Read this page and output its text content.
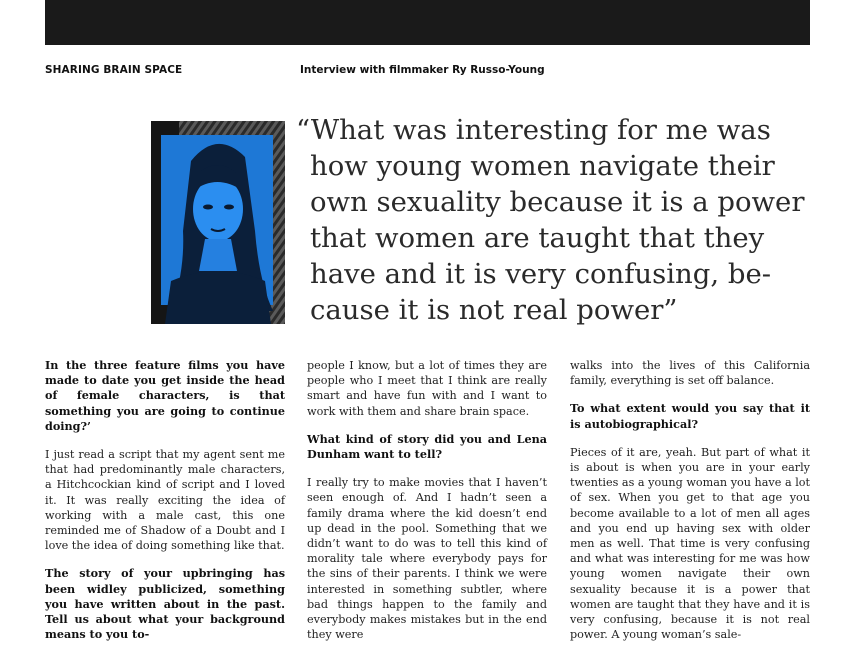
SHARING BRAIN SPACE	Interview with filmmaker Ry Russo-Young
“What was interesting for me was
how young women navigate their
own sexuality because it is a power
that women are taught that they
have and it is very confusing, be-
cause it is not real power”

In the three feature films you have made to date you get inside the head of female characters, is that something you are going to continue doing?’

I just read a script that my agent sent me that had predominantly male characters, a Hitchcockian kind of script and I loved it. It was really exciting the idea of working with a male cast, this one reminded me of Shadow of a Doubt and I love the idea of doing something like that.

The story of your upbringing has been widley publicized, something you have written about in the past. Tell us about what your background means to you to-

people I know, but a lot of times they are people who I meet that I think are really smart and have fun with and I want to work with them and share brain space.

What kind of story did you and Lena Dunham want to tell?

I really try to make movies that I haven’t seen enough of. And I hadn’t seen a family drama where the kid doesn’t end up dead in the pool. Something that we didn’t want to do was to tell this kind of morality tale where everybody pays for the sins of their parents. I think we were interested in something subtler, where bad things happen to the family and everybody makes mistakes but in the end they were

walks into the lives of this California family, everything is set off balance.

To what extent would you say that it is autobiographical?

Pieces of it are, yeah. But part of what it is about is when you are in your early twenties as a young woman you have a lot of sex. When you get to that age you become available to a lot of men all ages and you end up having sex with older men as well. That time is very confusing and what was interesting for me was how young women navigate their own sexuality because it is a power that women are taught that they have and it is very confusing, because it is not real power. A young woman’s sale-
